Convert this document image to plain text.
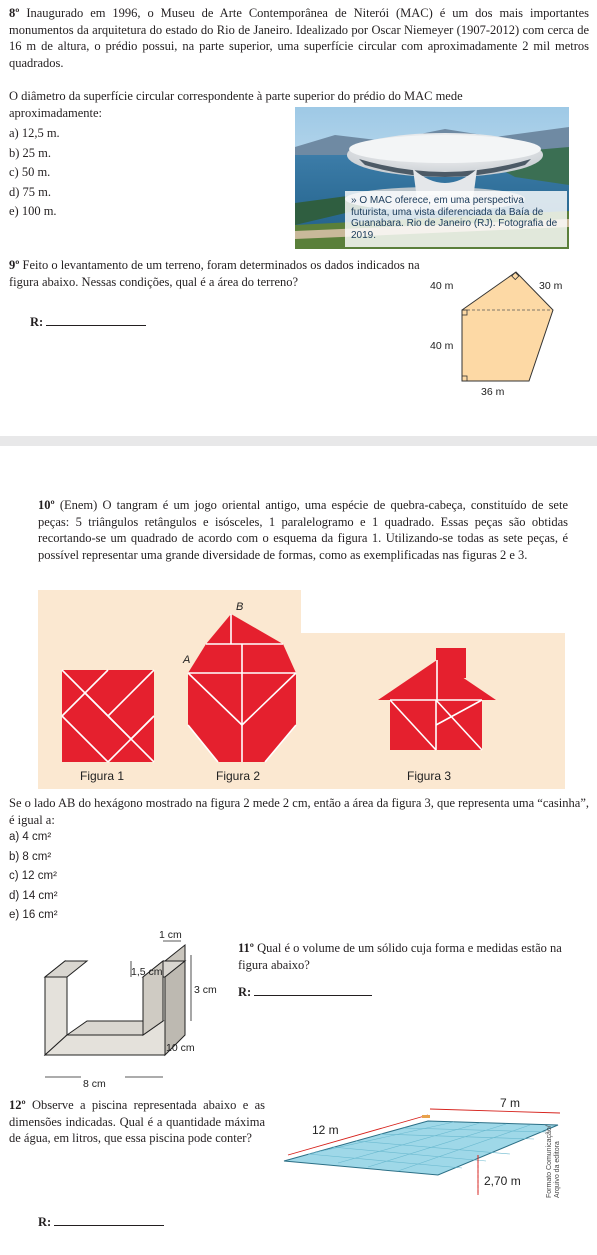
8º Inaugurado em 1996, o Museu de Arte Contemporânea de Niterói (MAC) é um dos mais importantes monumentos da arquitetura do estado do Rio de Janeiro. Idealizado por Oscar Niemeyer (1907-2012) com cerca de 16 m de altura, o prédio possui, na parte superior, uma superfície circular com aproximadamente 2 mil metros quadrados.
O diâmetro da superfície circular correspondente à parte superior do prédio do MAC mede
aproximadamente:
a) 12,5 m.
b) 25 m.
c) 50 m.
d) 75 m.
e) 100 m.
» O MAC oferece, em uma perspectiva futurista, uma vista diferenciada da Baía de Guanabara. Rio de Janeiro (RJ). Fotografia de 2019.
9º Feito o levantamento de um terreno, foram determinados os dados indicados na figura abaixo. Nessas condições, qual é a área do terreno?
R:
40 m	30 m
40 m
36 m
10º (Enem) O tangram é um jogo oriental antigo, uma espécie de quebra-cabeça, constituído de sete peças: 5 triângulos retângulos e isósceles, 1 paralelogramo e 1 quadrado. Essas peças são obtidas recortando-se um quadrado de acordo com o esquema da figura 1. Utilizando-se todas as sete peças, é possível representar uma grande diversidade de formas, como as exemplificadas nas figuras 2 e 3.
A
B
Figura 1	Figura 2	Figura 3
Se o lado AB do hexágono mostrado na figura 2 mede 2 cm, então a área da figura 3, que representa uma “casinha”, é igual a:
a) 4 cm²
b) 8 cm²
c) 12 cm²
d) 14 cm²
e) 16 cm²
1 cm
1,5 cm
3 cm
10 cm
8 cm
11º Qual é o volume de um sólido cuja forma e medidas estão na figura abaixo?
R:
12º Observe a piscina representada abaixo e as dimensões indicadas. Qual é a quantidade máxima de água, em litros, que essa piscina pode conter?
12 m
7 m
2,70 m	Formato Comunicação/ Arquivo da editora
R:
